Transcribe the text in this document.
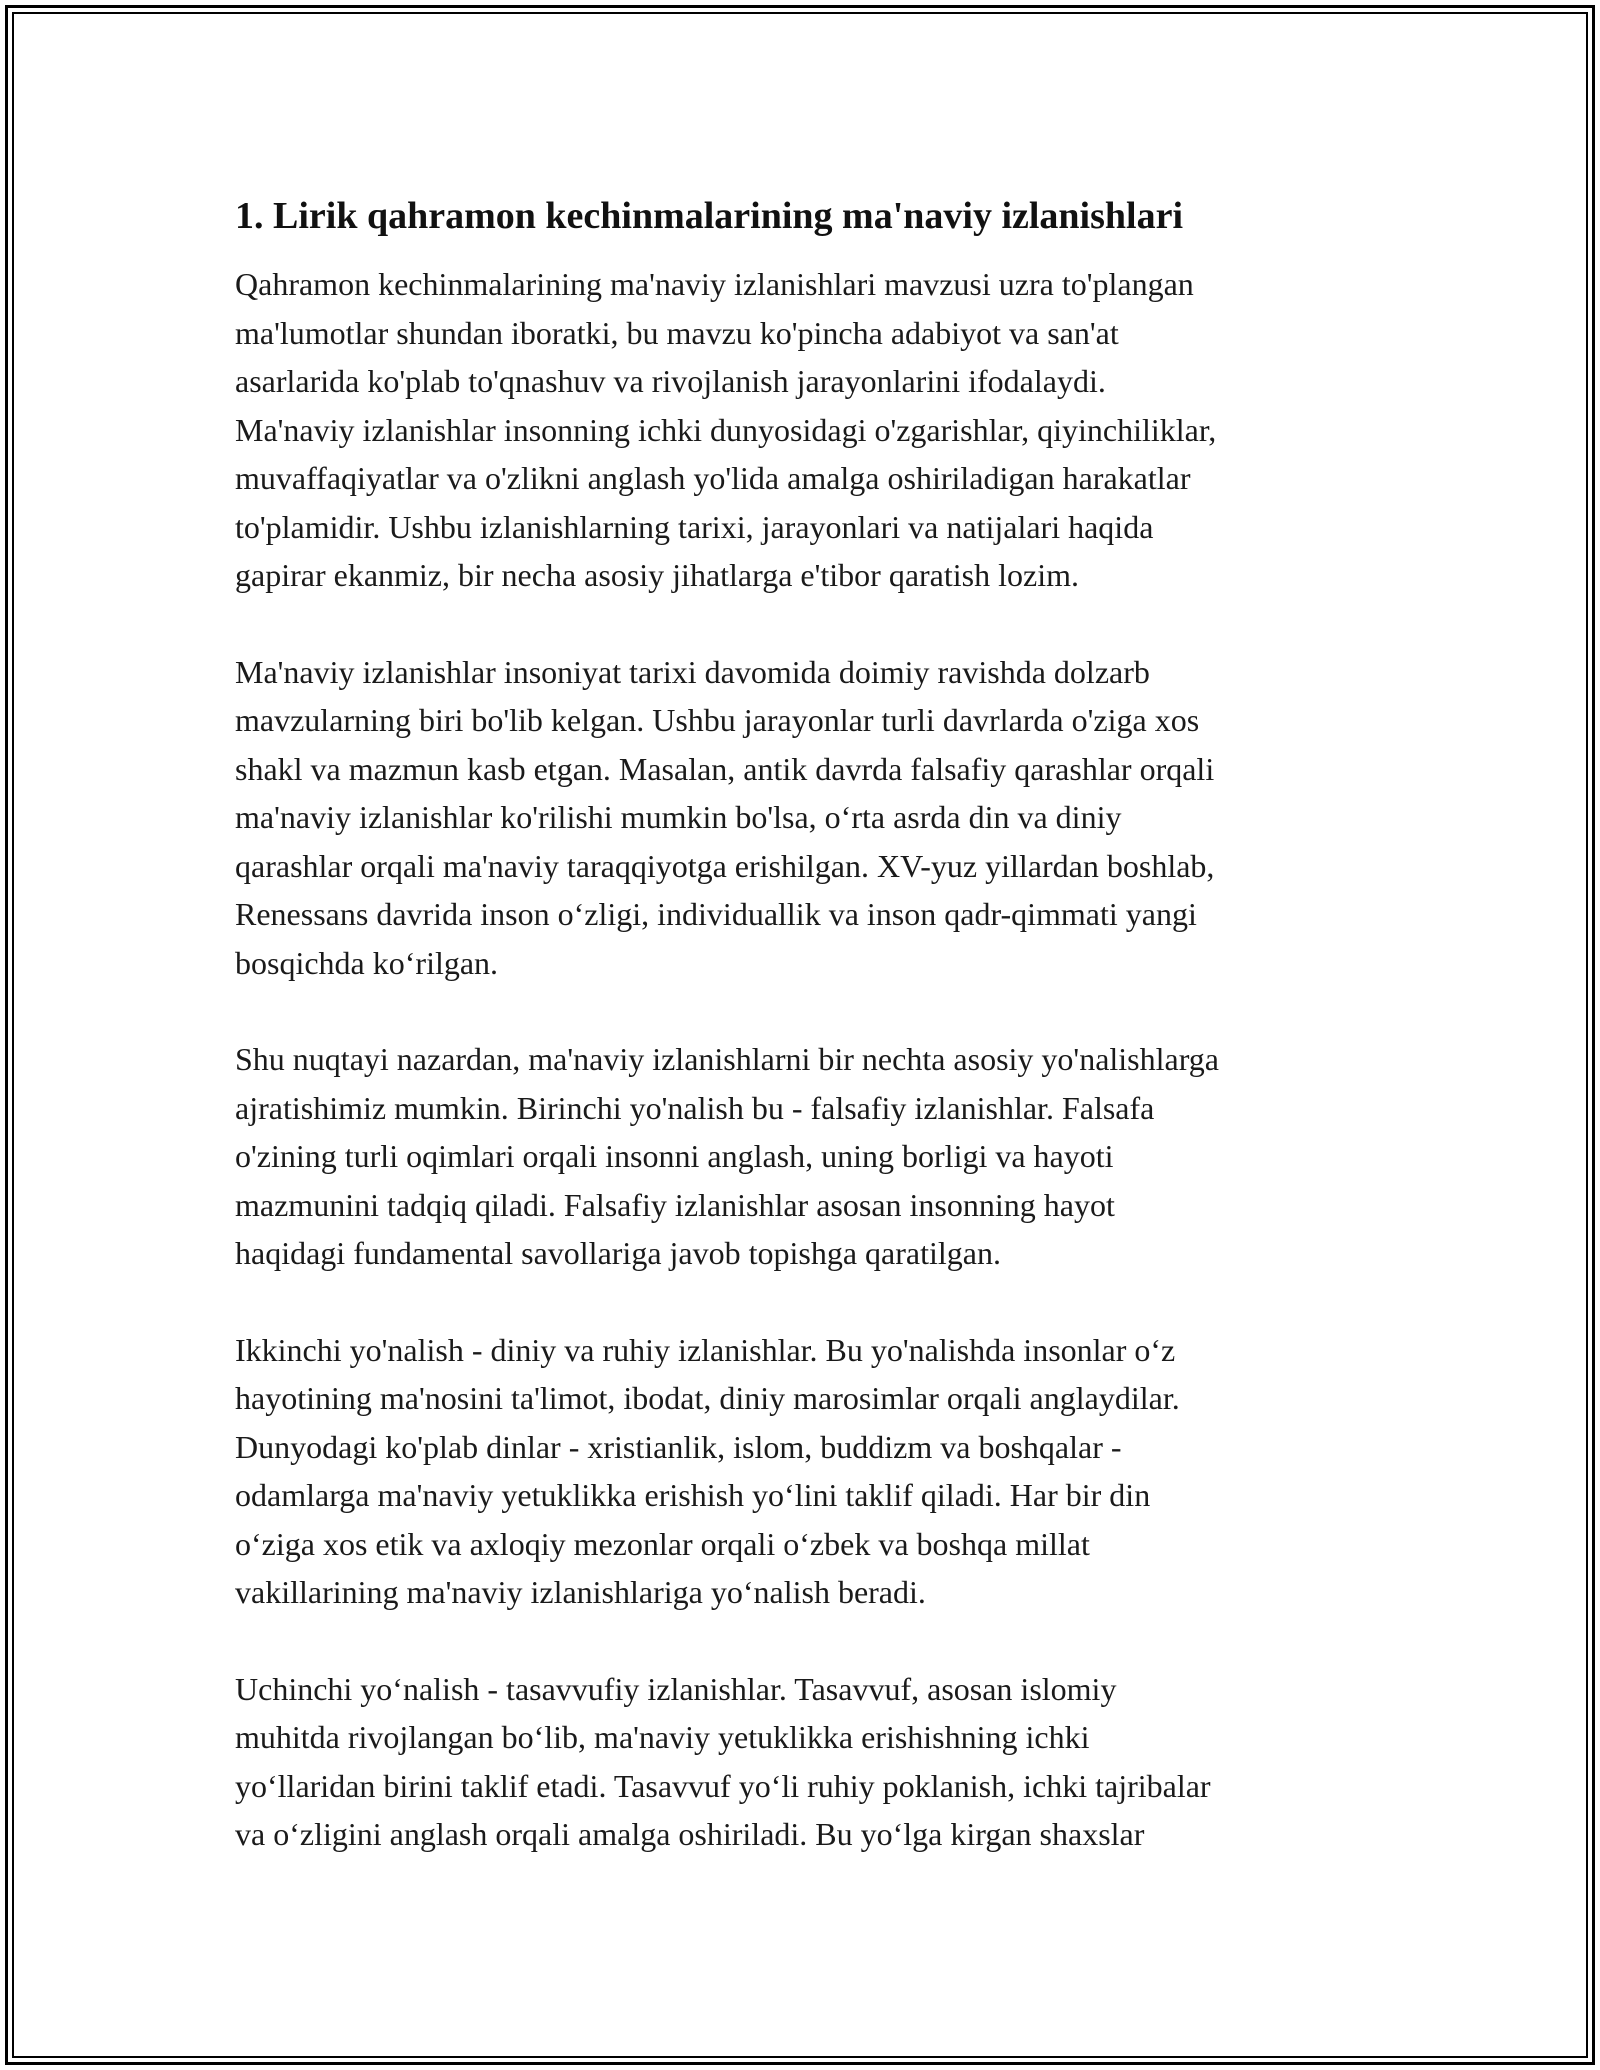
1. Lirik qahramon kechinmalarining ma'naviy izlanishlari

Qahramon kechinmalarining ma'naviy izlanishlari mavzusi uzra to'plangan
ma'lumotlar shundan iboratki, bu mavzu ko'pincha adabiyot va san'at
asarlarida ko'plab to'qnashuv va rivojlanish jarayonlarini ifodalaydi.
Ma'naviy izlanishlar insonning ichki dunyosidagi o'zgarishlar, qiyinchiliklar,
muvaffaqiyatlar va o'zlikni anglash yo'lida amalga oshiriladigan harakatlar
to'plamidir. Ushbu izlanishlarning tarixi, jarayonlari va natijalari haqida
gapirar ekanmiz, bir necha asosiy jihatlarga e'tibor qaratish lozim.

Ma'naviy izlanishlar insoniyat tarixi davomida doimiy ravishda dolzarb
mavzularning biri bo'lib kelgan. Ushbu jarayonlar turli davrlarda o'ziga xos
shakl va mazmun kasb etgan. Masalan, antik davrda falsafiy qarashlar orqali
ma'naviy izlanishlar ko'rilishi mumkin bo'lsa, o‘rta asrda din va diniy
qarashlar orqali ma'naviy taraqqiyotga erishilgan. XV-yuz yillardan boshlab,
Renessans davrida inson o‘zligi, individuallik va inson qadr-qimmati yangi
bosqichda ko‘rilgan.

Shu nuqtayi nazardan, ma'naviy izlanishlarni bir nechta asosiy yo'nalishlarga
ajratishimiz mumkin. Birinchi yo'nalish bu - falsafiy izlanishlar. Falsafa
o'zining turli oqimlari orqali insonni anglash, uning borligi va hayoti
mazmunini tadqiq qiladi. Falsafiy izlanishlar asosan insonning hayot
haqidagi fundamental savollariga javob topishga qaratilgan.

Ikkinchi yo'nalish - diniy va ruhiy izlanishlar. Bu yo'nalishda insonlar o‘z
hayotining ma'nosini ta'limot, ibodat, diniy marosimlar orqali anglaydilar.
Dunyodagi ko'plab dinlar - xristianlik, islom, buddizm va boshqalar -
odamlarga ma'naviy yetuklikka erishish yo‘lini taklif qiladi. Har bir din
o‘ziga xos etik va axloqiy mezonlar orqali o‘zbek va boshqa millat
vakillarining ma'naviy izlanishlariga yo‘nalish beradi.

Uchinchi yo‘nalish - tasavvufiy izlanishlar. Tasavvuf, asosan islomiy
muhitda rivojlangan bo‘lib, ma'naviy yetuklikka erishishning ichki
yo‘llaridan birini taklif etadi. Tasavvuf yo‘li ruhiy poklanish, ichki tajribalar
va o‘zligini anglash orqali amalga oshiriladi. Bu yo‘lga kirgan shaxslar
